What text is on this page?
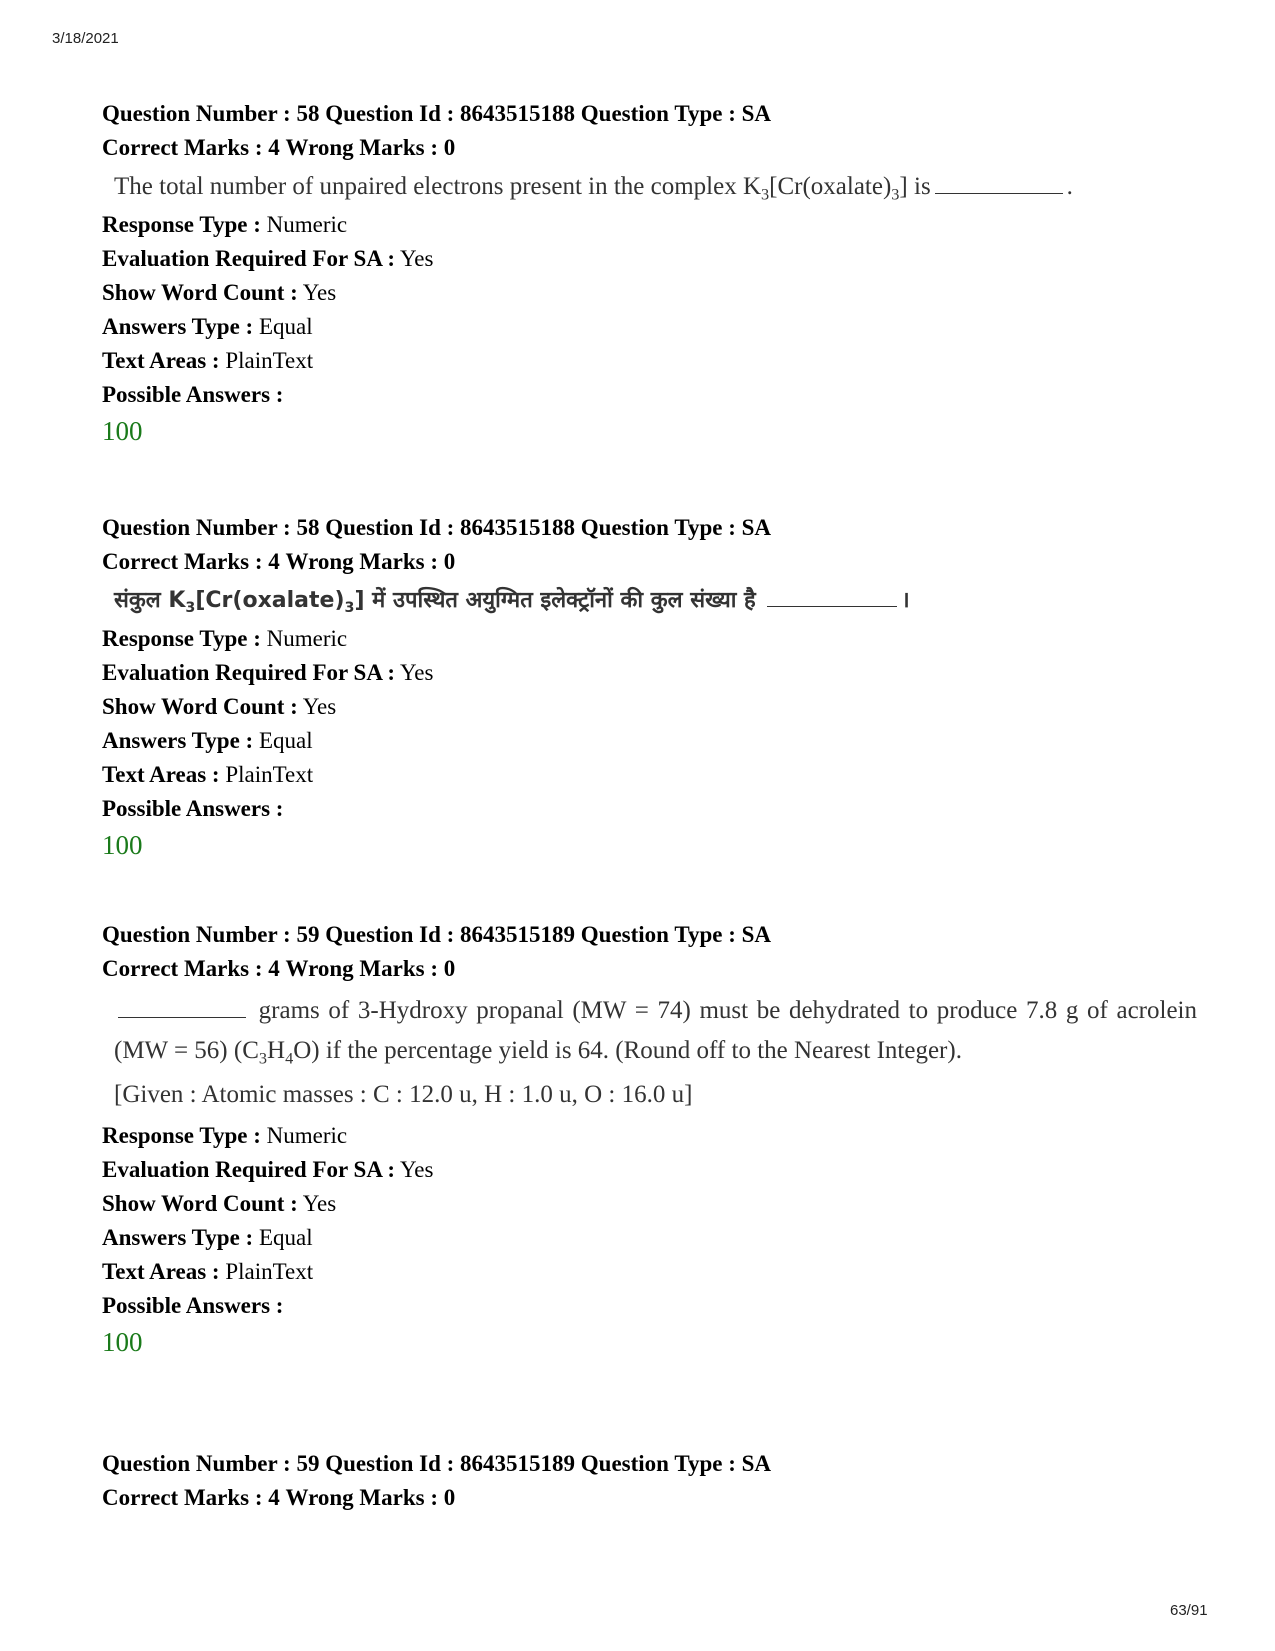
3/18/2021
Question Number : 58 Question Id : 8643515188 Question Type : SA
Correct Marks : 4 Wrong Marks : 0
The total number of unpaired electrons present in the complex $K_3[Cr(oxalate)_3]$ is	.
Response Type : Numeric
Evaluation Required For SA : Yes
Show Word Count : Yes
Answers Type : Equal
Text Areas : PlainText
Possible Answers :
100
Question Number : 58 Question Id : 8643515188 Question Type : SA
Correct Marks : 4 Wrong Marks : 0
संकुल $K_3[Cr(oxalate)_3]$ में उपस्थित अयुग्मित इलेक्ट्रॉनों की कुल संख्या है	।
Response Type : Numeric
Evaluation Required For SA : Yes
Show Word Count : Yes
Answers Type : Equal
Text Areas : PlainText
Possible Answers :
100
Question Number : 59 Question Id : 8643515189 Question Type : SA
Correct Marks : 4 Wrong Marks : 0
grams of 3-Hydroxy propanal (MW = 74) must be dehydrated to produce 7.8 g of acrolein (MW = 56) $(C_3H_4O)$ if the percentage yield is 64. (Round off to the Nearest Integer).
[Given : Atomic masses : C : 12.0 u, H : 1.0 u, O : 16.0 u]
Response Type : Numeric
Evaluation Required For SA : Yes
Show Word Count : Yes
Answers Type : Equal
Text Areas : PlainText
Possible Answers :
100
Question Number : 59 Question Id : 8643515189 Question Type : SA
Correct Marks : 4 Wrong Marks : 0
63/91
